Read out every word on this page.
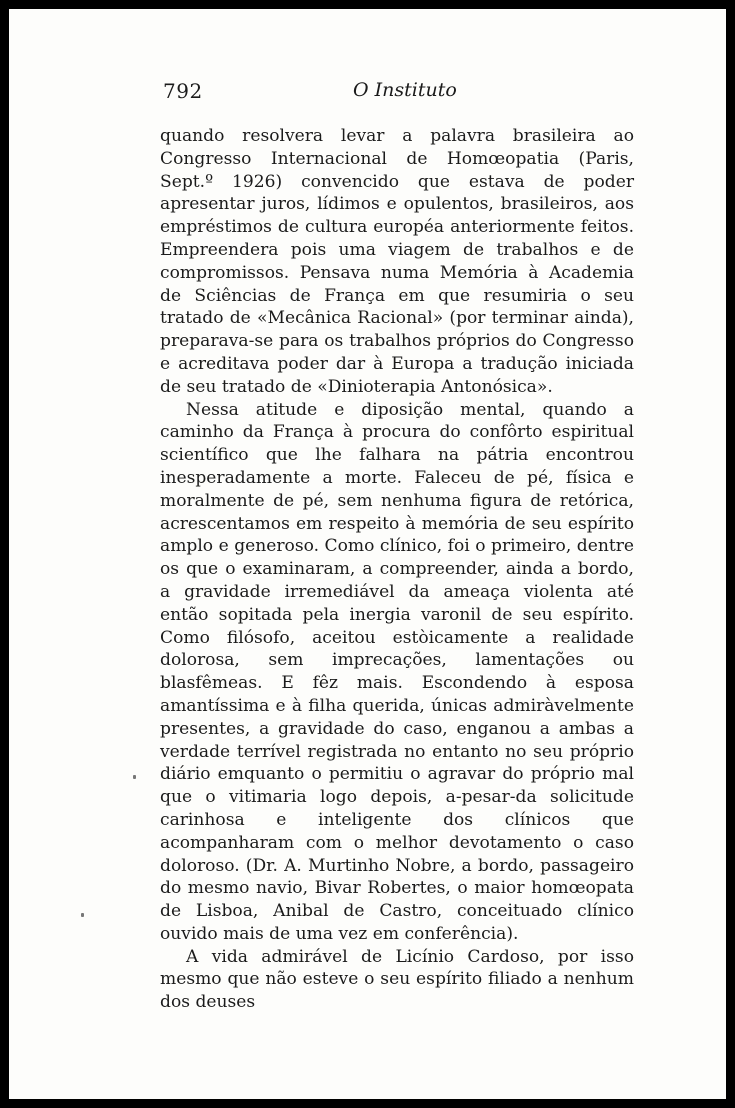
792	O Instituto

quando resolvera levar a palavra brasileira ao Congresso Internacional de Homœopatia (Paris, Sept.º 1926) convencido que estava de poder apresentar juros, lídimos e opulentos, brasileiros, aos empréstimos de cultura européa anteriormente feitos. Empreendera pois uma viagem de trabalhos e de compromissos. Pensava numa Memória à Academia de Sciências de França em que resumiria o seu tratado de «Mecânica Racional» (por terminar ainda), preparava-se para os trabalhos próprios do Congresso e acreditava poder dar à Europa a tradução iniciada de seu tratado de «Dinioterapia Antonósica».

Nessa atitude e diposição mental, quando a caminho da França à procura do confôrto espiritual scientífico que lhe falhara na pátria encontrou inesperadamente a morte. Faleceu de pé, física e moralmente de pé, sem nenhuma figura de retórica, acrescentamos em respeito à memória de seu espírito amplo e generoso. Como clínico, foi o primeiro, dentre os que o examinaram, a compreender, ainda a bordo, a gravidade irremediável da ameaça violenta até então sopitada pela inergia varonil de seu espírito. Como filósofo, aceitou estòicamente a realidade dolorosa, sem imprecações, lamentações ou blasfêmeas. E fêz mais. Escondendo à esposa amantíssima e à filha querida, únicas admiràvelmente presentes, a gravidade do caso, enganou a ambas a verdade terrível registrada no entanto no seu próprio diário emquanto o permitiu o agravar do próprio mal que o vitimaria logo depois, a-pesar-da solicitude carinhosa e inteligente dos clínicos que acompanharam com o melhor devotamento o caso doloroso. (Dr. A. Murtinho Nobre, a bordo, passageiro do mesmo navio, Bivar Robertes, o maior homœopata de Lisboa, Anibal de Castro, conceituado clínico ouvido mais de uma vez em conferência).

A vida admirável de Licínio Cardoso, por isso mesmo que não esteve o seu espírito filiado a nenhum dos deuses
